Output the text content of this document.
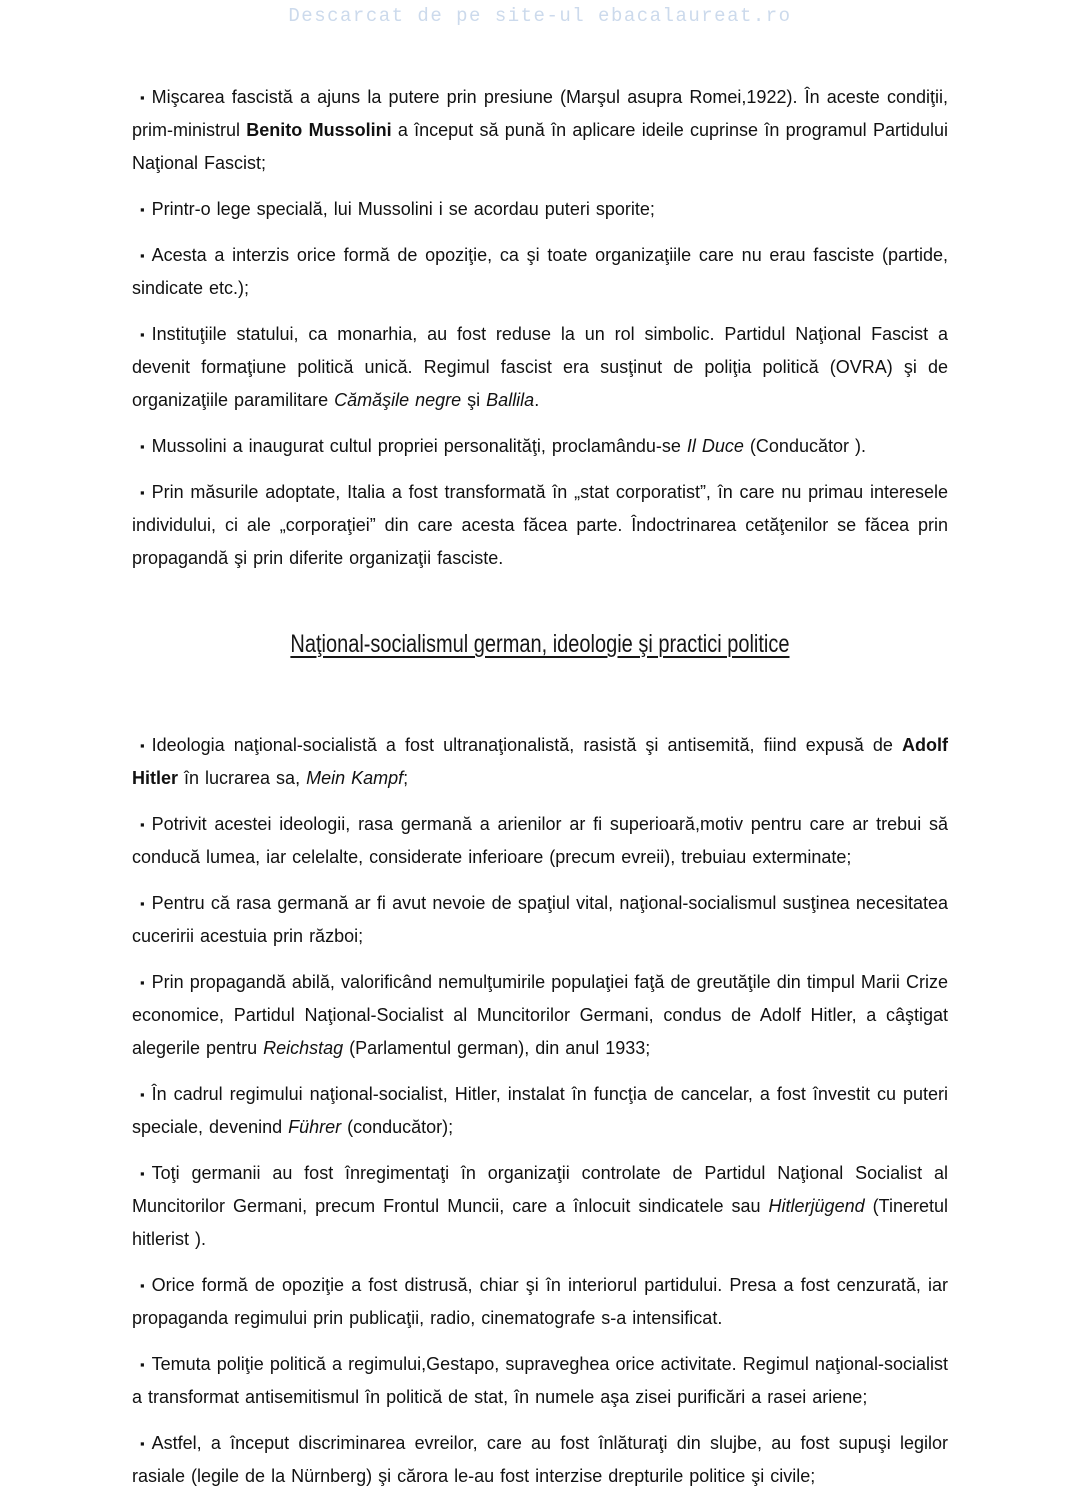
Descarcat de pe site-ul ebacalaureat.ro

▪ Mişcarea fascistă a ajuns la putere prin presiune (Marşul asupra Romei,1922). În aceste condiţii, prim-ministrul Benito Mussolini a început să pună în aplicare ideile cuprinse în programul Partidului Naţional Fascist;

▪ Printr-o lege specială, lui Mussolini i se acordau puteri sporite;

▪ Acesta a interzis orice formă de opoziţie, ca şi toate organizaţiile care nu erau fasciste (partide, sindicate etc.);

▪ Instituţiile statului, ca monarhia, au fost reduse la un rol simbolic. Partidul Naţional Fascist a devenit formaţiune politică unică. Regimul fascist era susţinut de poliţia politică (OVRA) şi de organizaţiile paramilitare Cămăşile negre şi Ballila.

▪ Mussolini a inaugurat cultul propriei personalităţi, proclamându-se Il Duce (Conducător ).

▪ Prin măsurile adoptate, Italia a fost transformată în „stat corporatist”, în care nu primau interesele individului, ci ale „corporaţiei” din care acesta făcea parte. Îndoctrinarea cetăţenilor se făcea prin propagandă şi prin diferite organizaţii fasciste.

Naţional-socialismul german, ideologie şi practici politice

▪ Ideologia naţional-socialistă a fost ultranaţionalistă, rasistă şi antisemită, fiind expusă de Adolf Hitler în lucrarea sa, Mein Kampf;

▪ Potrivit acestei ideologii, rasa germană a arienilor ar fi superioară,motiv pentru care ar trebui să conducă lumea, iar celelalte, considerate inferioare (precum evreii), trebuiau exterminate;

▪ Pentru că rasa germană ar fi avut nevoie de spaţiul vital, naţional-socialismul susţinea necesitatea cuceririi acestuia prin război;

▪ Prin propagandă abilă, valorificând nemulţumirile populaţiei faţă de greutăţile din timpul Marii Crize economice, Partidul Naţional-Socialist al Muncitorilor Germani, condus de Adolf Hitler, a câştigat alegerile pentru Reichstag (Parlamentul german), din anul 1933;

▪ În cadrul regimului naţional-socialist, Hitler, instalat în funcţia de cancelar, a fost învestit cu puteri speciale, devenind Führer (conducător);

▪ Toţi germanii au fost înregimentaţi în organizaţii controlate de Partidul Naţional Socialist al Muncitorilor Germani, precum Frontul Muncii, care a înlocuit sindicatele sau Hitlerjügend (Tineretul hitlerist ).

▪ Orice formă de opoziţie a fost distrusă, chiar şi în interiorul partidului. Presa a fost cenzurată, iar propaganda regimului prin publicaţii, radio, cinematografe s-a intensificat.

▪ Temuta poliţie politică a regimului,Gestapo, supraveghea orice activitate. Regimul naţional-socialist a transformat antisemitismul în politică de stat, în numele aşa zisei purificări a rasei ariene;

▪ Astfel, a început discriminarea evreilor, care au fost înlăturaţi din slujbe, au fost supuşi legilor rasiale (legile de la Nürnberg) şi cărora le-au fost interzise drepturile politice şi civile;
